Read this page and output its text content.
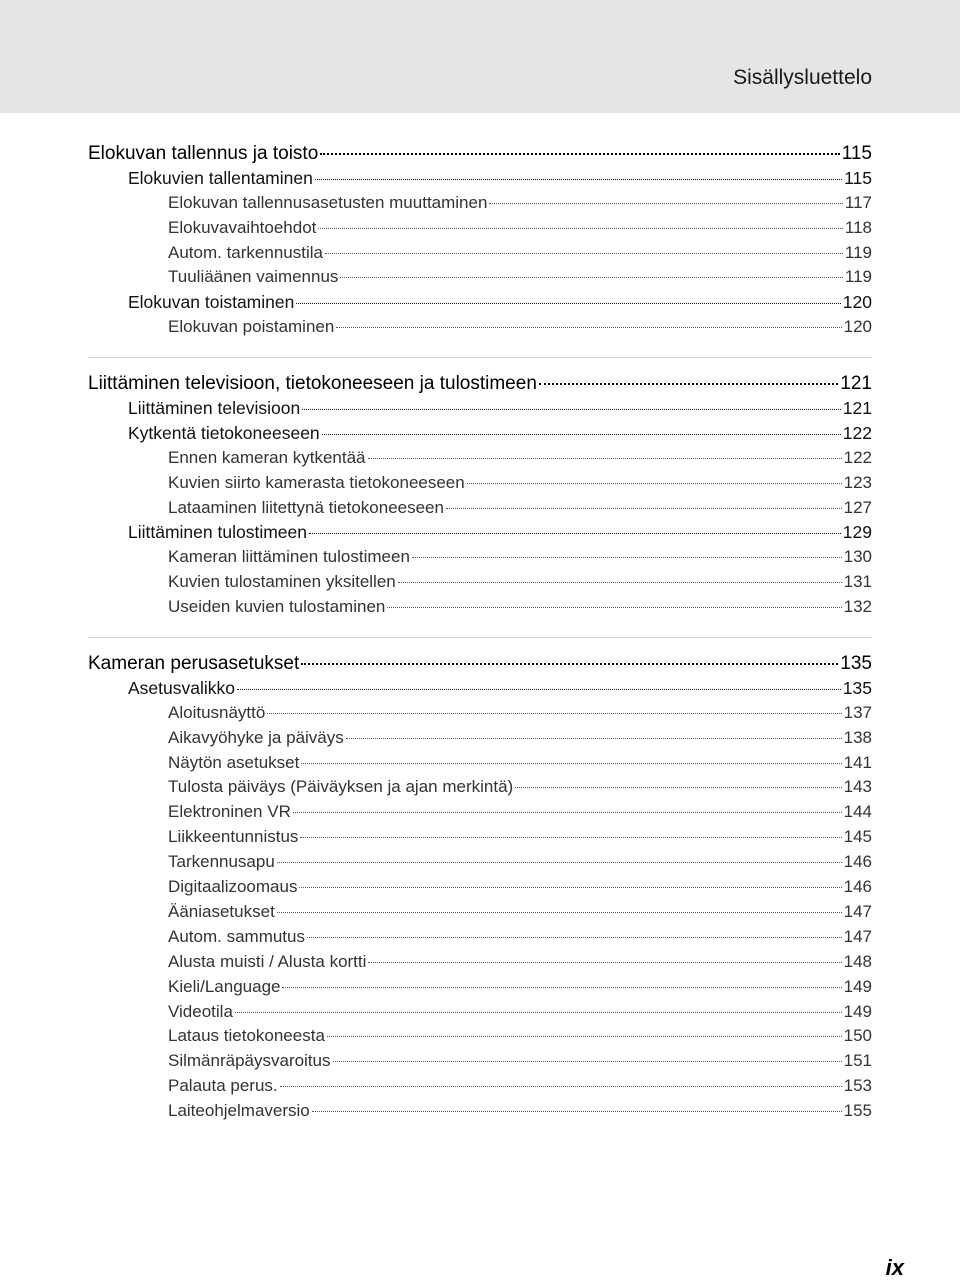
Sisällysluettelo
Elokuvan tallennus ja toisto	115
Elokuvien tallentaminen	115
Elokuvan tallennusasetusten muuttaminen	117
Elokuvavaihtoehdot	118
Autom. tarkennustila	119
Tuuliäänen vaimennus	119
Elokuvan toistaminen	120
Elokuvan poistaminen	120
Liittäminen televisioon, tietokoneeseen ja tulostimeen	121
Liittäminen televisioon	121
Kytkentä tietokoneeseen	122
Ennen kameran kytkentää	122
Kuvien siirto kamerasta tietokoneeseen	123
Lataaminen liitettynä tietokoneeseen	127
Liittäminen tulostimeen	129
Kameran liittäminen tulostimeen	130
Kuvien tulostaminen yksitellen	131
Useiden kuvien tulostaminen	132
Kameran perusasetukset	135
Asetusvalikko	135
Aloitusnäyttö	137
Aikavyöhyke ja päiväys	138
Näytön asetukset	141
Tulosta päiväys (Päiväyksen ja ajan merkintä)	143
Elektroninen VR	144
Liikkeentunnistus	145
Tarkennusapu	146
Digitaalizoomaus	146
Ääniasetukset	147
Autom. sammutus	147
Alusta muisti / Alusta kortti	148
Kieli/Language	149
Videotila	149
Lataus tietokoneesta	150
Silmänräpäysvaroitus	151
Palauta perus.	153
Laiteohjelmaversio	155
ix
